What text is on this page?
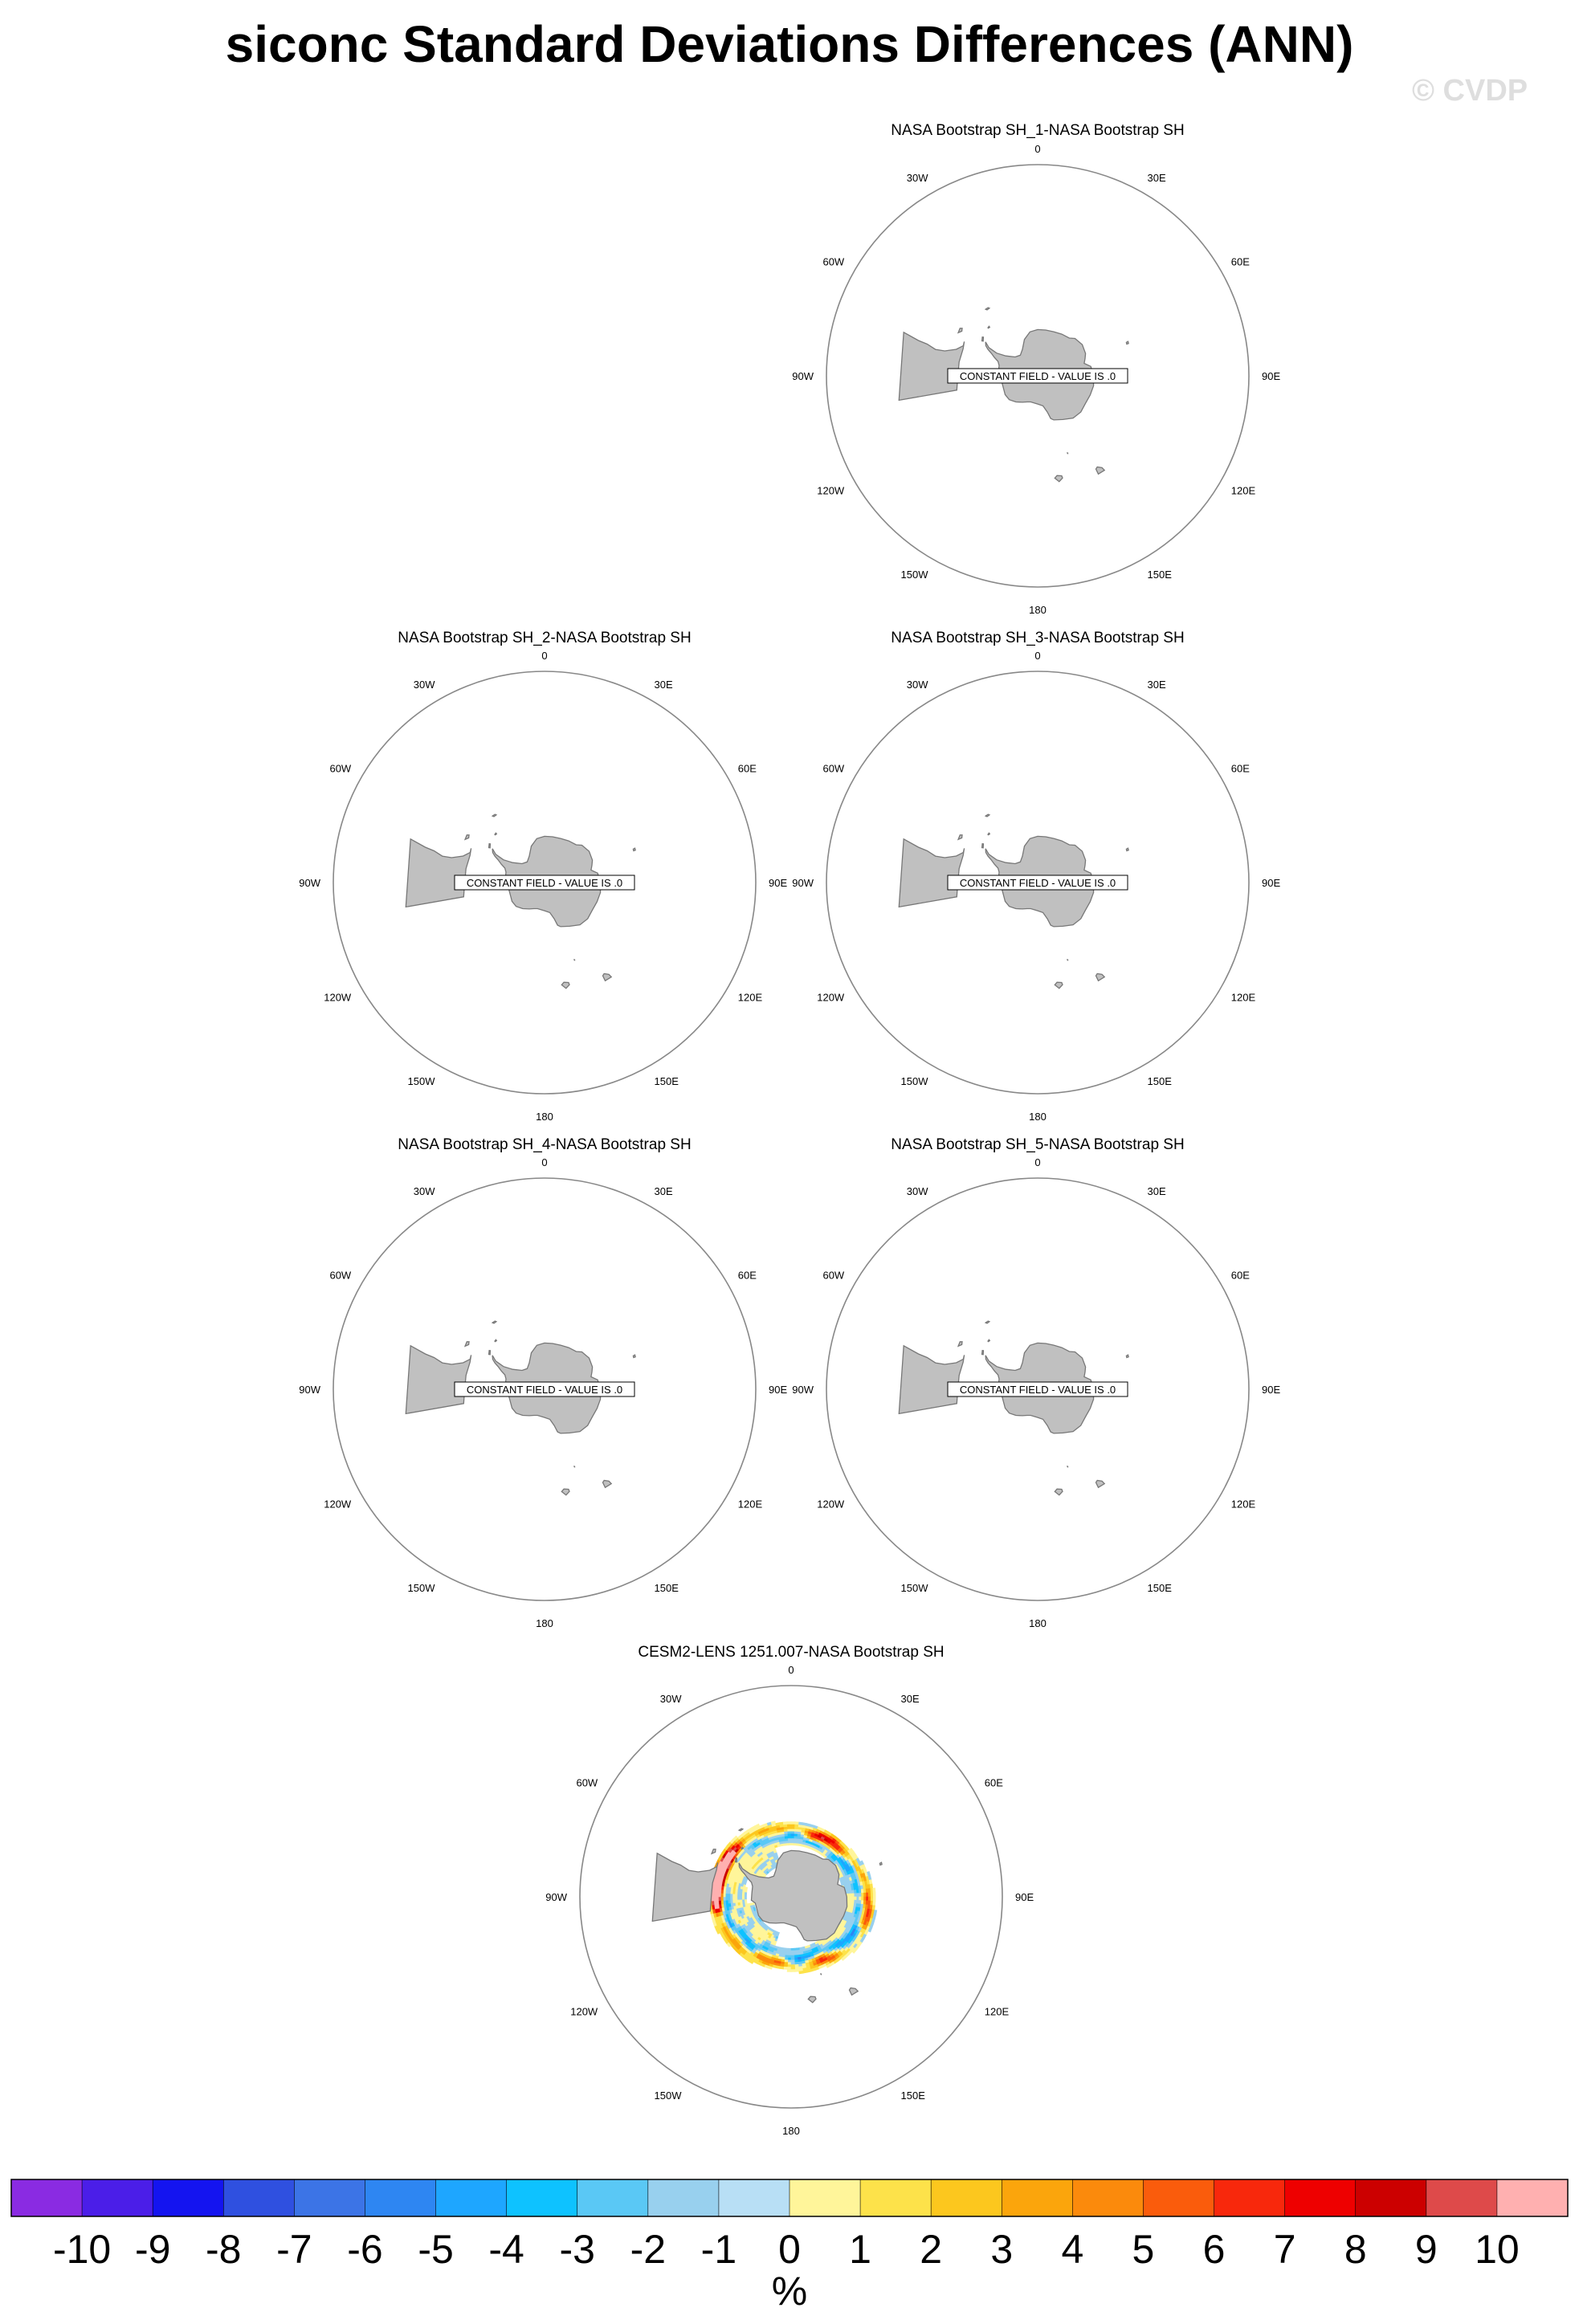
siconc Standard Deviations Differences (ANN)
© CVDP
NASA Bootstrap SH_1-NASA Bootstrap SH
0
30E
60E
90E
120E
150E
180
150W
120W
90W
60W
30W
CONSTANT FIELD - VALUE IS .0
NASA Bootstrap SH_2-NASA Bootstrap SH
0
30E
60E
90E
120E
150E
180
150W
120W
90W
60W
30W
CONSTANT FIELD - VALUE IS .0
NASA Bootstrap SH_3-NASA Bootstrap SH
0
30E
60E
90E
120E
150E
180
150W
120W
90W
60W
30W
CONSTANT FIELD - VALUE IS .0
NASA Bootstrap SH_4-NASA Bootstrap SH
0
30E
60E
90E
120E
150E
180
150W
120W
90W
60W
30W
CONSTANT FIELD - VALUE IS .0
NASA Bootstrap SH_5-NASA Bootstrap SH
0
30E
60E
90E
120E
150E
180
150W
120W
90W
60W
30W
CONSTANT FIELD - VALUE IS .0
CESM2-LENS 1251.007-NASA Bootstrap SH
0
30E
60E
90E
120E
150E
180
150W
120W
90W
60W
30W
-10 -9 -8 -7 -6 -5 -4 -3 -2 -1 0 1 2 3 4 5 6 7 8 9 10
%
